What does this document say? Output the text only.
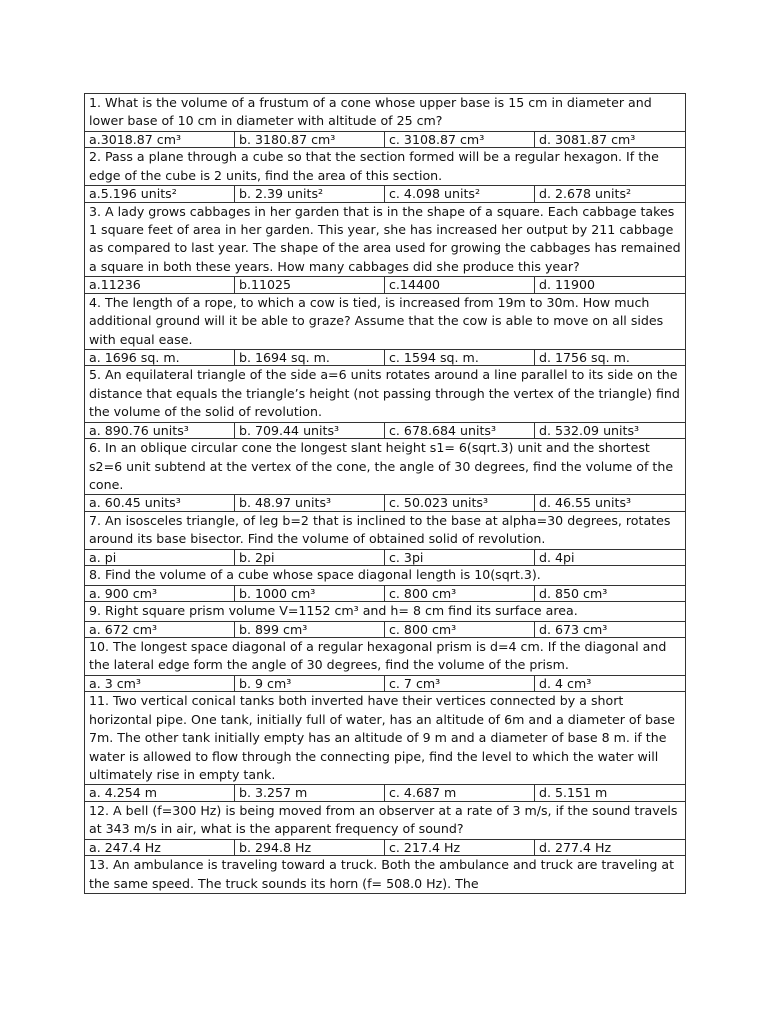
1. What is the volume of a frustum of a cone whose upper base is 15 cm in diameter and lower base of 10 cm in diameter with altitude of 25 cm?			
a.3018.87 cm³	b. 3180.87 cm³	c. 3108.87 cm³	d. 3081.87 cm³
2. Pass a plane through a cube so that the section formed will be a regular hexagon. If the edge of the cube is 2 units, find the area of this section.			
a.5.196 units²	b. 2.39 units²	c. 4.098 units²	d. 2.678 units²
3. A lady grows cabbages in her garden that is in the shape of a square. Each cabbage takes 1 square feet of area in her garden. This year, she has increased her output by 211 cabbage as compared to last year. The shape of the area used for growing the cabbages has remained a square in both these years. How many cabbages did she produce this year?			
a.11236	b.11025	c.14400	d. 11900
4. The length of a rope, to which a cow is tied, is increased from 19m to 30m. How much additional ground will it be able to graze? Assume that the cow is able to move on all sides with equal ease.			
a. 1696 sq. m.	b. 1694 sq. m.	c. 1594 sq. m.	d. 1756 sq. m.
5. An equilateral triangle of the side a=6 units rotates around a line parallel to its side on the distance that equals the triangle’s height (not passing through the vertex of the triangle) find the volume of the solid of revolution.			
a. 890.76 units³	b. 709.44 units³	c. 678.684 units³	d. 532.09 units³
6. In an oblique circular cone the longest slant height s1= 6(sqrt.3) unit and the shortest s2=6 unit subtend at the vertex of the cone, the angle of 30 degrees, find the volume of the cone.			
a. 60.45 units³	b. 48.97 units³	c. 50.023 units³	d. 46.55 units³
7. An isosceles triangle, of leg b=2 that is inclined to the base at alpha=30 degrees, rotates around its base bisector. Find the volume of obtained solid of revolution.			
a. pi	b. 2pi	c. 3pi	d. 4pi
8. Find the volume of a cube whose space diagonal length is 10(sqrt.3).			
a. 900 cm³	b. 1000 cm³	c. 800 cm³	d. 850 cm³
9. Right square prism volume V=1152 cm³ and h= 8 cm find its surface area.			
a. 672 cm³	b. 899 cm³	c. 800 cm³	d. 673 cm³
10. The longest space diagonal of a regular hexagonal prism is d=4 cm. If the diagonal and the lateral edge form the angle of 30 degrees, find the volume of the prism.			
a. 3 cm³	b. 9 cm³	c. 7 cm³	d. 4 cm³
11. Two vertical conical tanks both inverted have their vertices connected by a short horizontal pipe. One tank, initially full of water, has an altitude of 6m and a diameter of base 7m. The other tank initially empty has an altitude of 9 m and a diameter of base 8 m. if the water is allowed to flow through the connecting pipe, find the level to which the water will ultimately rise in empty tank.			
a. 4.254 m	b. 3.257 m	c. 4.687 m	d. 5.151 m
12. A bell (f=300 Hz) is being moved from an observer at a rate of 3 m/s, if the sound travels at 343 m/s in air, what is the apparent frequency of sound?			
a. 247.4 Hz	b. 294.8 Hz	c. 217.4 Hz	d. 277.4 Hz
13. An ambulance is traveling toward a truck. Both the ambulance and truck are traveling at the same speed. The truck sounds its horn (f= 508.0 Hz). The			
